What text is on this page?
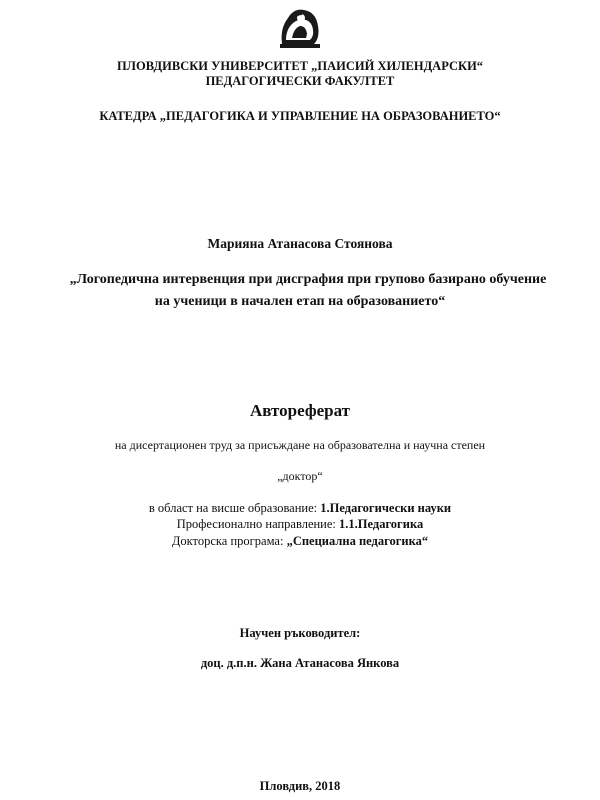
ПЛОВДИВСКИ УНИВЕРСИТЕТ „ПАИСИЙ ХИЛЕНДАРСКИ“
ПЕДАГОГИЧЕСКИ ФАКУЛТЕТ
КАТЕДРА „ПЕДАГОГИКА И УПРАВЛЕНИЕ НА ОБРАЗОВАНИЕТО“
Марияна Атанасова Стоянова
„Логопедична интервенция при дисграфия при групово базирано обучение
на ученици в начален етап на образованието“
Автореферат
на дисертационен труд за присъждане на образователна и научна степен
„доктор“
в област на висше образование: 1.Педагогически науки
Професионално направление: 1.1.Педагогика
Докторска програма: „Специална педагогика“
Научен ръководител:
доц. д.п.н. Жана Атанасова Янкова
Пловдив, 2018
